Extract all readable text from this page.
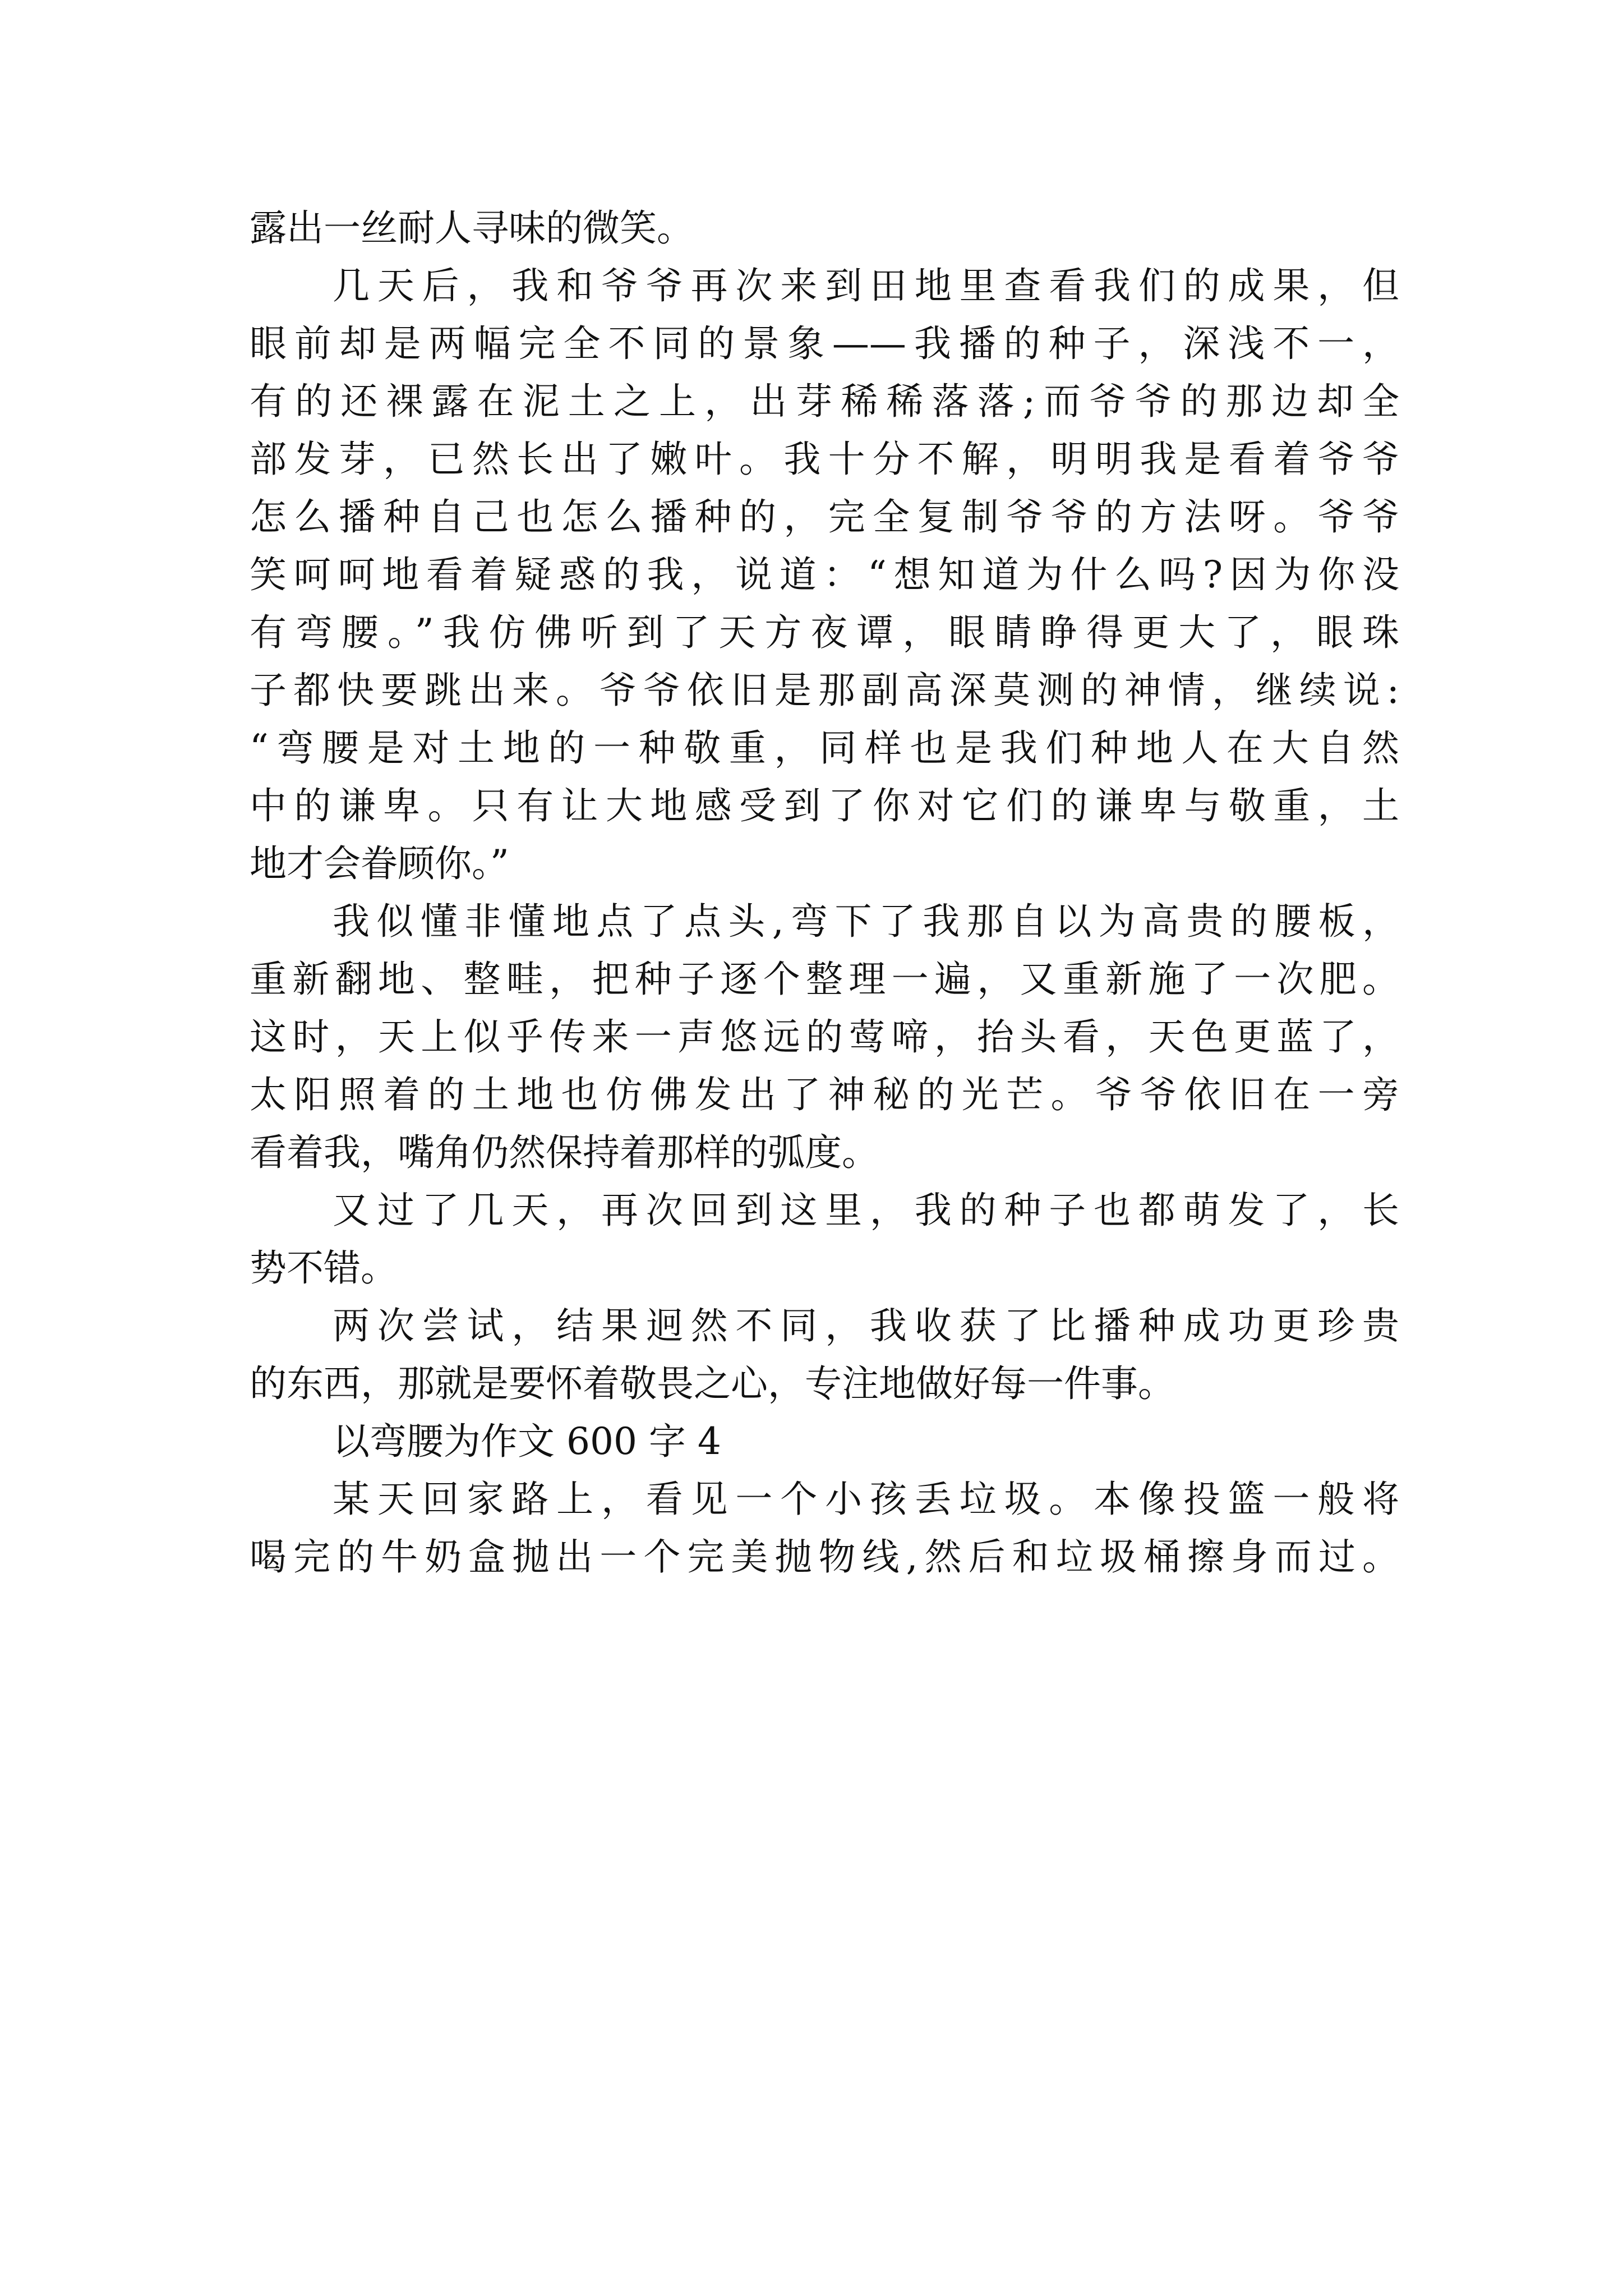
露出一丝耐人寻味的微笑。
几天后，我和爷爷再次来到田地里查看我们的成果，但
眼前却是两幅完全不同的景象——我播的种子，深浅不一，
有的还裸露在泥土之上，出芽稀稀落落;而爷爷的那边却全
部发芽，已然长出了嫩叶。我十分不解，明明我是看着爷爷
怎么播种自己也怎么播种的，完全复制爷爷的方法呀。爷爷
笑呵呵地看着疑惑的我，说道：“想知道为什么吗?因为你没
有弯腰。”我仿佛听到了天方夜谭，眼睛睁得更大了，眼珠
子都快要跳出来。爷爷依旧是那副高深莫测的神情，继续说:
“弯腰是对土地的一种敬重，同样也是我们种地人在大自然
中的谦卑。只有让大地感受到了你对它们的谦卑与敬重，土
地才会眷顾你。”
我似懂非懂地点了点头,弯下了我那自以为高贵的腰板，
重新翻地、整畦，把种子逐个整理一遍，又重新施了一次肥。
这时，天上似乎传来一声悠远的莺啼，抬头看，天色更蓝了，
太阳照着的土地也仿佛发出了神秘的光芒。爷爷依旧在一旁
看着我，嘴角仍然保持着那样的弧度。
又过了几天，再次回到这里，我的种子也都萌发了，长
势不错。
两次尝试，结果迥然不同，我收获了比播种成功更珍贵
的东西，那就是要怀着敬畏之心，专注地做好每一件事。
以弯腰为作文 600 字 4
某天回家路上，看见一个小孩丢垃圾。本像投篮一般将
喝完的牛奶盒抛出一个完美抛物线,然后和垃圾桶擦身而过。
